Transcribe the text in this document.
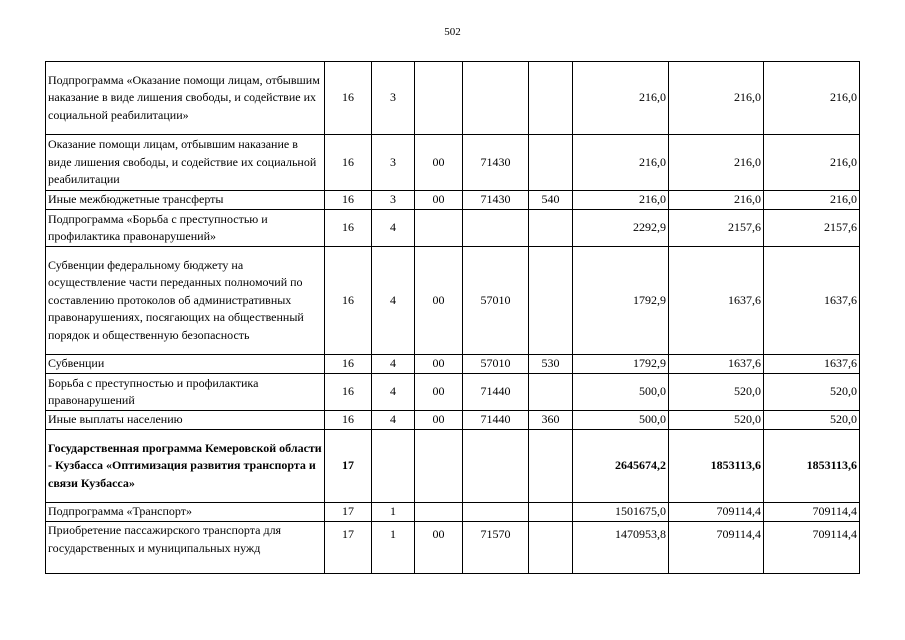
502
Подпрограмма «Оказание помощи лицам, отбывшим наказание в виде лишения свободы, и содействие их социальной реабилитации»	16	3				216,0	216,0	216,0
Оказание помощи лицам, отбывшим наказание в виде лишения свободы, и содействие их социальной реабилитации	16	3	00	71430		216,0	216,0	216,0
Иные межбюджетные трансферты	16	3	00	71430	540	216,0	216,0	216,0
Подпрограмма «Борьба с преступностью и профилактика правонарушений»	16	4				2292,9	2157,6	2157,6
Субвенции федеральному бюджету на осуществление части переданных полномочий по составлению протоколов об административных правонарушениях, посягающих на общественный порядок и общественную безопасность	16	4	00	57010		1792,9	1637,6	1637,6
Субвенции	16	4	00	57010	530	1792,9	1637,6	1637,6
Борьба с преступностью и профилактика правонарушений	16	4	00	71440		500,0	520,0	520,0
Иные выплаты населению	16	4	00	71440	360	500,0	520,0	520,0
Государственная программа Кемеровской области - Кузбасса «Оптимизация развития транспорта и связи Кузбасса»	17					2645674,2	1853113,6	1853113,6
Подпрограмма «Транспорт»	17	1				1501675,0	709114,4	709114,4
Приобретение пассажирского транспорта для государственных и муниципальных нужд	17	1	00	71570		1470953,8	709114,4	709114,4
